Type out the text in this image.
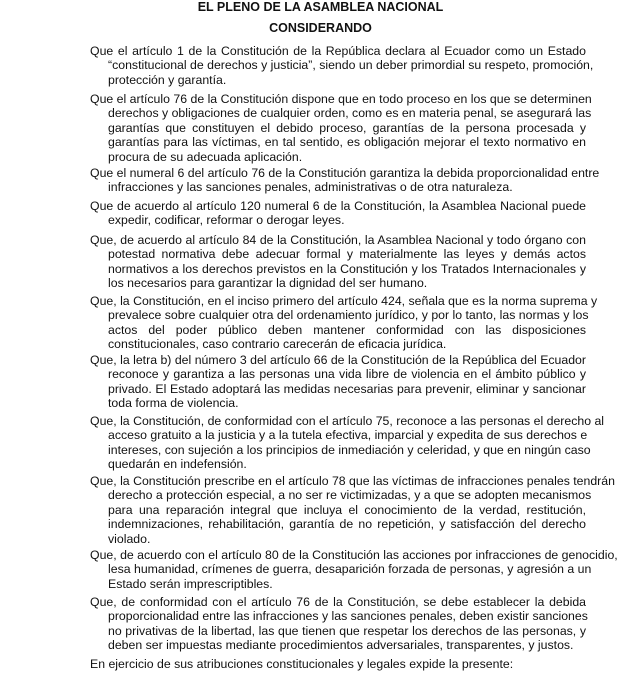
EL PLENO DE LA ASAMBLEA NACIONAL
CONSIDERANDO
Que el artículo 1 de la Constitución de la República declara al Ecuador como un Estado
“constitucional de derechos y justicia”, siendo un deber primordial su respeto, promoción,
protección y garantía.
Que el artículo 76 de la Constitución dispone que en todo proceso en los que se determinen
derechos y obligaciones de cualquier orden, como es en materia penal, se asegurará las
garantías que constituyen el debido proceso, garantías de la persona procesada y
garantías para las víctimas, en tal sentido, es obligación mejorar el texto normativo en
procura de su adecuada aplicación.
Que el numeral 6 del artículo 76 de la Constitución garantiza la debida proporcionalidad entre
infracciones y las sanciones penales, administrativas o de otra naturaleza.
Que de acuerdo al artículo 120 numeral 6 de la Constitución, la Asamblea Nacional puede
expedir, codificar, reformar o derogar leyes.
Que, de acuerdo al artículo 84 de la Constitución, la Asamblea Nacional y todo órgano con
potestad normativa debe adecuar formal y materialmente las leyes y demás actos
normativos a los derechos previstos en la Constitución y los Tratados Internacionales y
los necesarios para garantizar la dignidad del ser humano.
Que, la Constitución, en el inciso primero del artículo 424, señala que es la norma suprema y
prevalece sobre cualquier otra del ordenamiento jurídico, y por lo tanto, las normas y los
actos del poder público deben mantener conformidad con las disposiciones
constitucionales, caso contrario carecerán de eficacia jurídica.
Que, la letra b) del número 3 del artículo 66 de la Constitución de la República del Ecuador
reconoce y garantiza a las personas una vida libre de violencia en el ámbito público y
privado. El Estado adoptará las medidas necesarias para prevenir, eliminar y sancionar
toda forma de violencia.
Que, la Constitución, de conformidad con el artículo 75, reconoce a las personas el derecho al
acceso gratuito a la justicia y a la tutela efectiva, imparcial y expedita de sus derechos e
intereses, con sujeción a los principios de inmediación y celeridad, y que en ningún caso
quedarán en indefensión.
Que, la Constitución prescribe en el artículo 78 que las víctimas de infracciones penales tendrán
derecho a protección especial, a no ser re victimizadas, y a que se adopten mecanismos
para una reparación integral que incluya el conocimiento de la verdad, restitución,
indemnizaciones, rehabilitación, garantía de no repetición, y satisfacción del derecho
violado.
Que, de acuerdo con el artículo 80 de la Constitución las acciones por infracciones de genocidio,
lesa humanidad, crímenes de guerra, desaparición forzada de personas, y agresión a un
Estado serán imprescriptibles.
Que, de conformidad con el artículo 76 de la Constitución, se debe establecer la debida
proporcionalidad entre las infracciones y las sanciones penales, deben existir sanciones
no privativas de la libertad, las que tienen que respetar los derechos de las personas, y
deben ser impuestas mediante procedimientos adversariales, transparentes, y justos.
En ejercicio de sus atribuciones constitucionales y legales expide la presente:
